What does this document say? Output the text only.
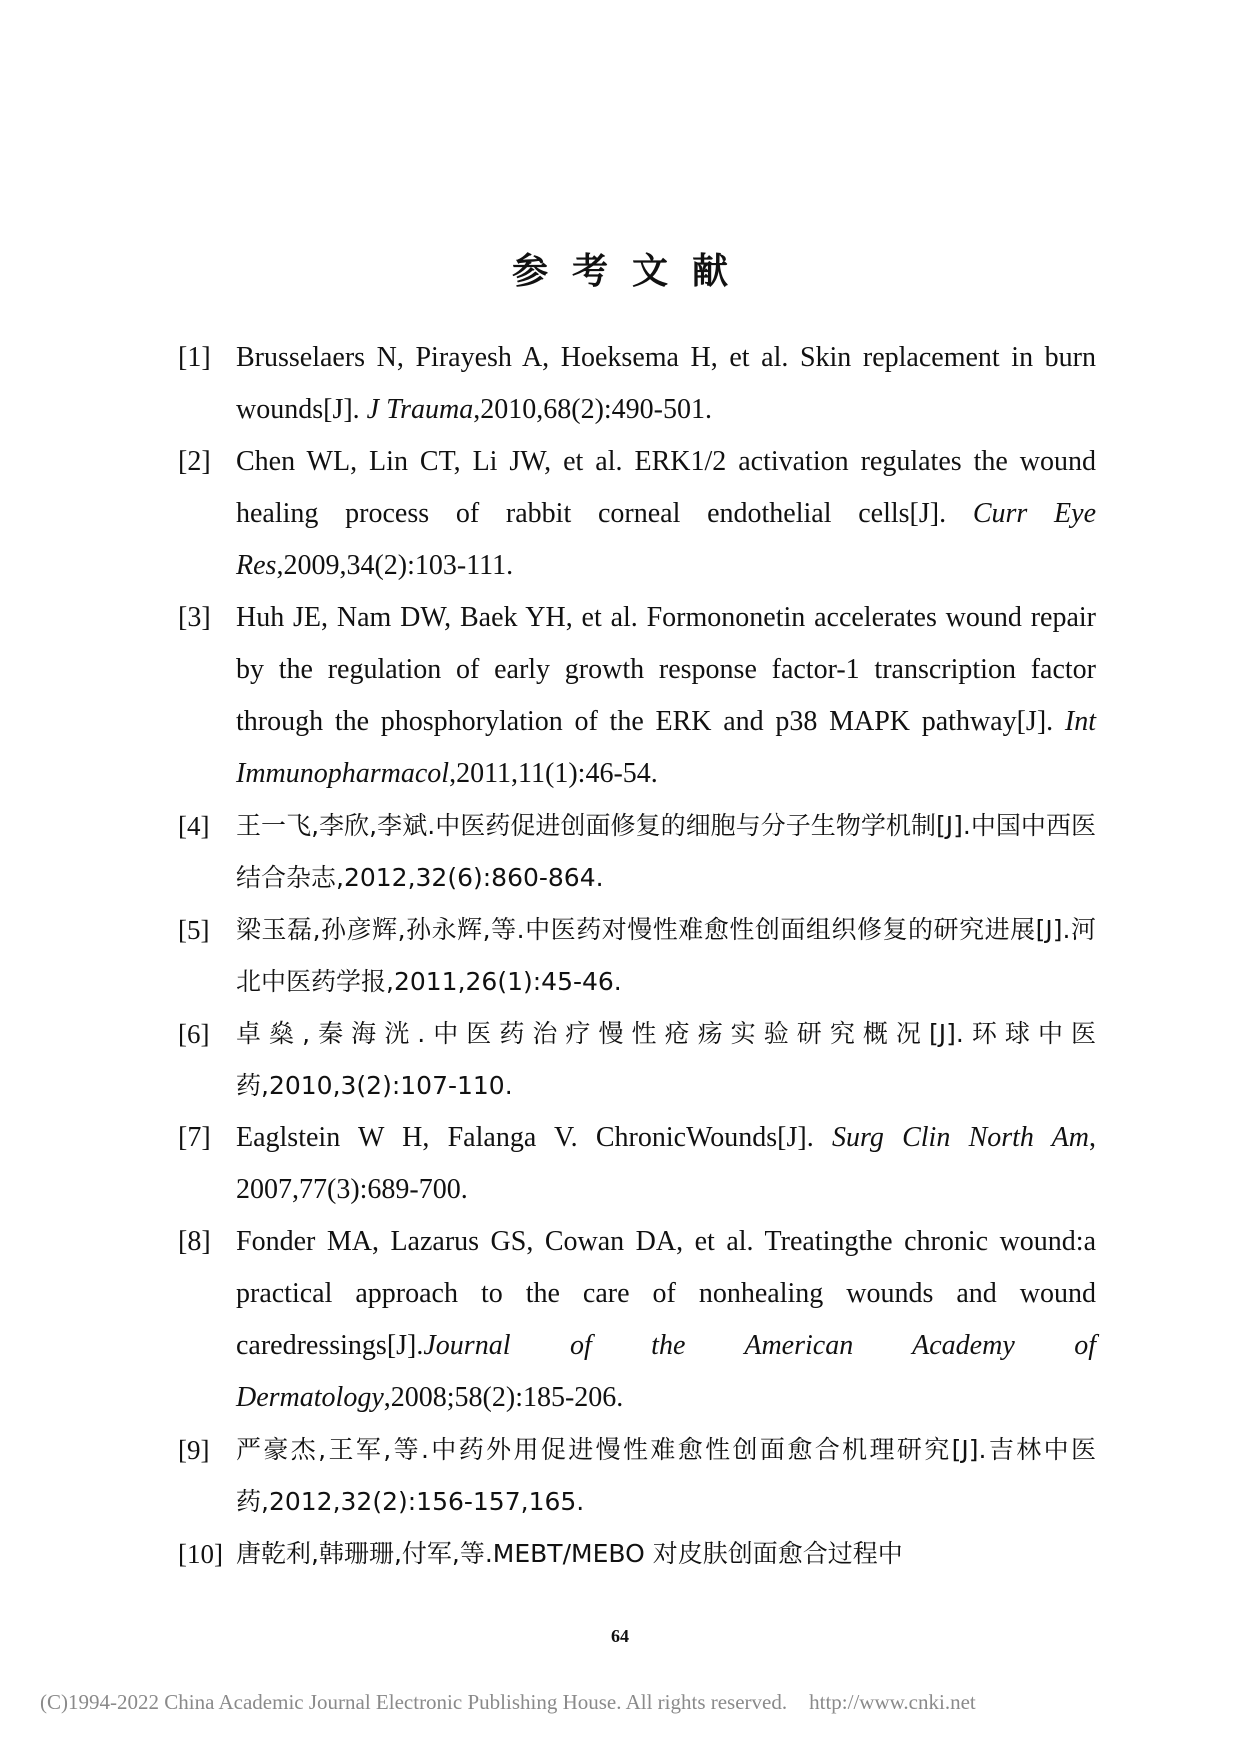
参考文献
[1] Brusselaers N, Pirayesh A, Hoeksema H, et al. Skin replacement in burn wounds[J]. J Trauma,2010,68(2):490-501.
[2] Chen WL, Lin CT, Li JW, et al. ERK1/2 activation regulates the wound healing process of rabbit corneal endothelial cells[J]. Curr Eye Res,2009,34(2):103-111.
[3] Huh JE, Nam DW, Baek YH, et al. Formononetin accelerates wound repair by the regulation of early growth response factor-1 transcription factor through the phosphorylation of the ERK and p38 MAPK pathway[J]. Int Immunopharmacol,2011,11(1):46-54.
[4] 王一飞,李欣,李斌.中医药促进创面修复的细胞与分子生物学机制[J].中国中西医结合杂志,2012,32(6):860-864.
[5] 梁玉磊,孙彦辉,孙永辉,等.中医药对慢性难愈性创面组织修复的研究进展[J].河北中医药学报,2011,26(1):45-46.
[6] 卓燊,秦海洸.中医药治疗慢性疮疡实验研究概况[J].环球中医药,2010,3(2):107-110.
[7] Eaglstein W H, Falanga V. ChronicWounds[J]. Surg Clin North Am, 2007,77(3):689-700.
[8] Fonder MA, Lazarus GS, Cowan DA, et al. Treatingthe chronic wound:a practical approach to the care of nonhealing wounds and wound caredressings[J].Journal of the American Academy of Dermatology,2008;58(2):185-206.
[9] 严豪杰,王军,等.中药外用促进慢性难愈性创面愈合机理研究[J].吉林中医药,2012,32(2):156-157,165.
[10] 唐乾利,韩珊珊,付军,等.MEBT/MEBO 对皮肤创面愈合过程中
64
(C)1994-2022 China Academic Journal Electronic Publishing House. All rights reserved. http://www.cnki.net
